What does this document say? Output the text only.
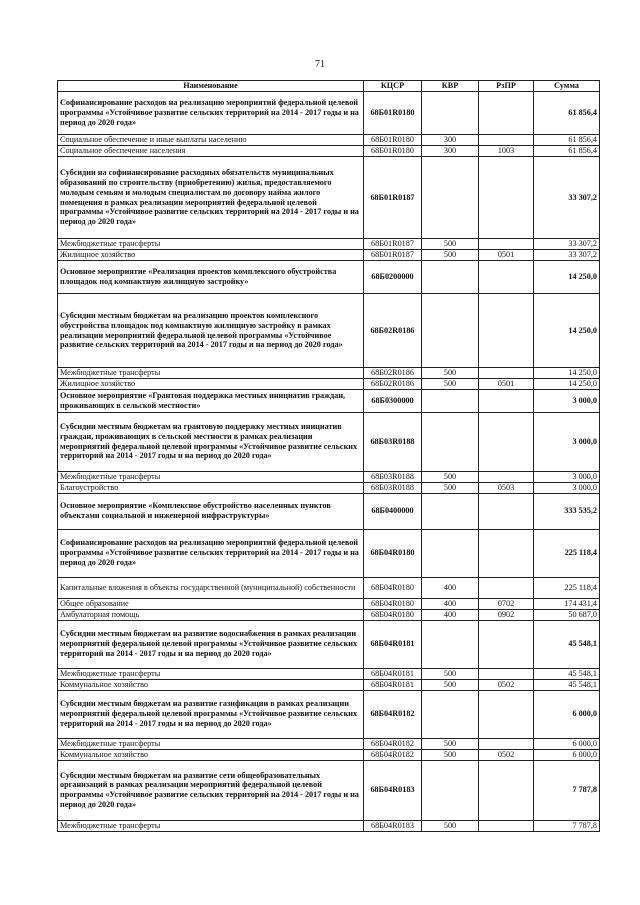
71
Наименование	КЦСР	КВР	РзПР	Сумма
Софинансирование расходов на реализацию мероприятий федеральной целевой программы «Устойчивое развитие сельских территорий на 2014 - 2017 годы и на период до 2020 года»	68Б01R0180			61 856,4
Социальное обеспечение и иные выплаты населению	68Б01R0180	300		61 856,4
Социальное обеспечение населения	68Б01R0180	300	1003	61 856,4
Субсидии на софинансирование расходных обязательств муниципальных образований по строительству (приобретению) жилья, предоставляемого молодым семьям и молодым специалистам по договору найма жилого помещения в рамках реализации мероприятий федеральной целевой программы «Устойчивое развитие сельских территорий на 2014 - 2017 годы и на период до 2020 года»	68Б01R0187			33 307,2
Межбюджетные трансферты	68Б01R0187	500		33 307,2
Жилищное хозяйство	68Б01R0187	500	0501	33 307,2
Основное мероприятие «Реализация проектов комплексного обустройства площадок под компактную жилищную застройку»	68Б0200000			14 250,0
Субсидии местным бюджетам на реализацию проектов комплексного обустройства площадок под компактную жилищную застройку в рамках реализации мероприятий федеральной целевой программы «Устойчивое развитие сельских территорий на 2014 - 2017 годы и на период до 2020 года»	68Б02R0186			14 250,0
Межбюджетные трансферты	68Б02R0186	500		14 250,0
Жилищное хозяйство	68Б02R0186	500	0501	14 250,0
Основное мероприятие «Грантовая поддержка местных инициатив граждан, проживающих в сельской местности»	68Б0300000			3 000,0
Субсидии местным бюджетам на грантовую поддержку местных инициатив граждан, проживающих в сельской местности в рамках реализации мероприятий федеральной целевой программы «Устойчивое развитие сельских территорий на 2014 - 2017 годы и на период до 2020 года»	68Б03R0188			3 000,0
Межбюджетные трансферты	68Б03R0188	500		3 000,0
Благоустройство	68Б03R0188	500	0503	3 000,0
Основное мероприятие «Комплексное обустройство населенных пунктов объектами социальной и инженерной инфраструктуры»	68Б0400000			333 535,2
Софинансирование расходов на реализацию мероприятий федеральной целевой программы «Устойчивое развитие сельских территорий на 2014 - 2017 годы и на период до 2020 года»	68Б04R0180			225 118,4
Капитальные вложения в объекты государственной (муниципальной) собственности	68Б04R0180	400		225 118,4
Общее образование	68Б04R0180	400	0702	174 431,4
Амбулаторная помощь	68Б04R0180	400	0902	50 687,0
Субсидии местным бюджетам на развитие водоснабжения в рамках реализации мероприятий федеральной целевой программы «Устойчивое развитие сельских территорий на 2014 - 2017 годы и на период до 2020 года»	68Б04R0181			45 548,1
Межбюджетные трансферты	68Б04R0181	500		45 548,1
Коммунальное хозяйство	68Б04R0181	500	0502	45 548,1
Субсидии местным бюджетам на развитие газификации в рамках реализации мероприятий федеральной целевой программы «Устойчивое развитие сельских территорий на 2014 - 2017 годы и на период до 2020 года»	68Б04R0182			6 000,0
Межбюджетные трансферты	68Б04R0182	500		6 000,0
Коммунальное хозяйство	68Б04R0182	500	0502	6 000,0
Субсидии местным бюджетам на развитие сети общеобразовательных организаций в рамках реализации мероприятий федеральной целевой программы «Устойчивое развитие сельских территорий на 2014 - 2017 годы и на период до 2020 года»	68Б04R0183			7 787,8
Межбюджетные трансферты	68Б04R0183	500		7 787,8
